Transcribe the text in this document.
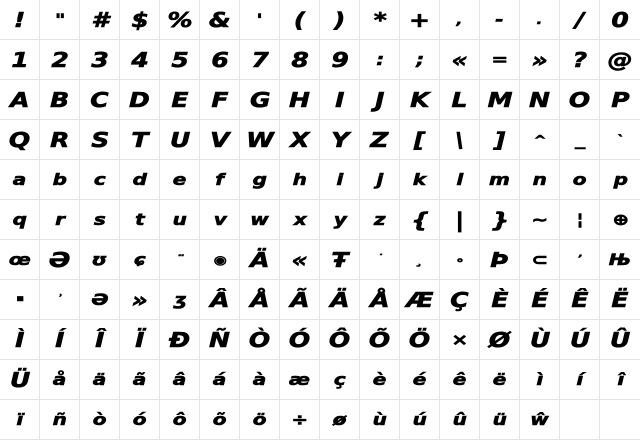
! " # $ % & ' ( ) * + , -	. / 0
1 2 3 4 5 6 7 8 9 : ; « = » ? @
A B C D E F G H I J K L M N O P
Q R S T U V W X Y Z [ \ ] ^ _	`
a b c d e f g h i j k l m n o p
q r s t u v w x y z { | } ~ ¦ ⊕
œ Ə ʊ ɕ	¨	◉ Ä « Ŧ	˙	¸	∘ Þ ⊂	ʼ Њ
▪	ʾ Ə » ʒ Â Å Ã Ä Å Æ Ç È É Ê Ë
Ì Í Î Ï Ð Ñ Ò Ó Ô Õ Ö × Ø Ù Ú Û
Ü å ä ã â á à æ ç è é ê ë ì í î
ï ñ ò ó ô õ ö ÷ ø ù ú û ü ŵ
